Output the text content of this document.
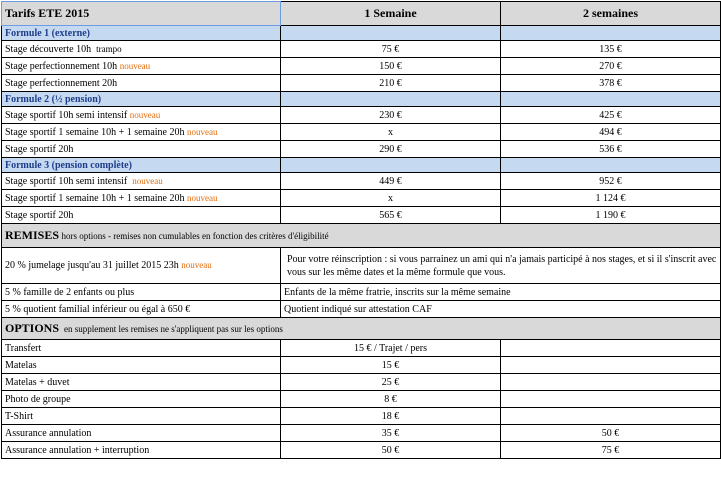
Tarifs ETE 2015	1 Semaine	2 semaines
Formule 1 (externe)		
Stage découverte 10h trampo	75 €	135 €
Stage perfectionnement 10h nouveau	150 €	270 €
Stage perfectionnement 20h	210 €	378 €
Formule 2 (½ pension)		
Stage sportif 10h semi intensif nouveau	230 €	425 €
Stage sportif 1 semaine 10h + 1 semaine 20h nouveau	x	494 €
Stage sportif 20h	290 €	536 €
Formule 3 (pension complète)		
Stage sportif 10h semi intensif nouveau	449 €	952 €
Stage sportif 1 semaine 10h + 1 semaine 20h nouveau	x	1 124 €
Stage sportif 20h	565 €	1 190 €
REMISES hors options - remises non cumulables en fonction des critères d'éligibilité		
20 % jumelage jusqu'au 31 juillet 2015 23h nouveau	Pour votre réinscription : si vous parrainez un ami qui n'a jamais participé à nos stages, et si il s'inscrit avec vous sur les même dates et la même formule que vous.	
5 % famille de 2 enfants ou plus	Enfants de la même fratrie, inscrits sur la même semaine	
5 % quotient familial inférieur ou égal à 650 €	Quotient indiqué sur attestation CAF	
OPTIONS en supplement les remises ne s'appliquent pas sur les options		
Transfert	15 € / Trajet / pers	
Matelas	15 €	
Matelas + duvet	25 €	
Photo de groupe	8 €	
T-Shirt	18 €	
Assurance annulation	35 €	50 €
Assurance annulation + interruption	50 €	75 €
